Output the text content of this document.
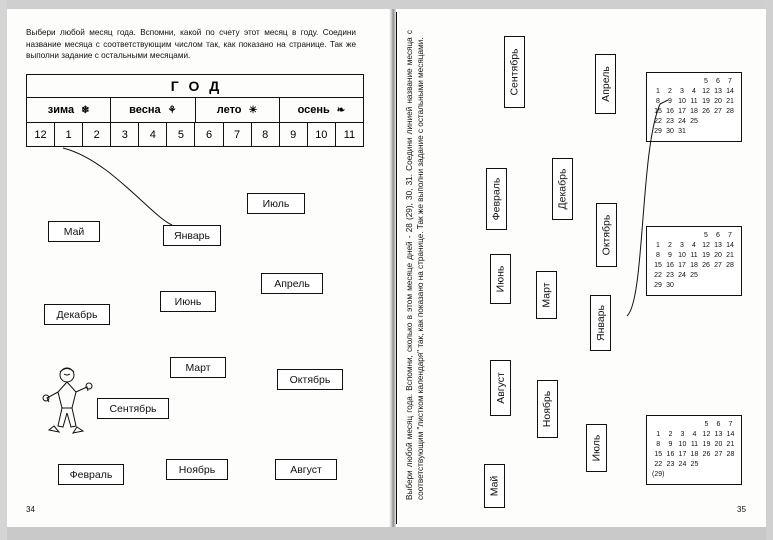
Выбери любой месяц года. Вспомни, какой по счету этот месяц в году. Соедини название месяца с соответствующим числом так, как показано на странице. Так же выполни задание с остальными месяцами.
ГОД
зима ❄	весна ⚘	лето ☀	осень ❧
12	1	2	3	4	5	6	7	8	9	10	11
Июль
Май	Январь
Апрель
Июнь
Декабрь
Март
Октябрь
Сентябрь
Февраль	Ноябрь	Август
34
Выбери любой месяц года. Вспомни, сколько в этом месяце дней - 28 (29), 30, 31. Соедини линией название месяца с соответствующим "листком календаря" так, как показано на странице. Так же выполни задание с остальными месяцами.	Сентябрь	Апрель
Февраль	Декабрь
Октябрь
Июнь
Март
Январь
Август
Ноябрь
Июль
Май
				5	6	7
1	2	3	4	12	13	14
8	9	10	11	19	20	21
15	16	17	18	26	27	28
22	23	24	25			
29	30	31				
				5	6	7
1	2	3	4	12	13	14
8	9	10	11	19	20	21
15	16	17	18	26	27	28
22	23	24	25			
29	30					
				5	6	7
1	2	3	4	12	13	14
8	9	10	11	19	20	21
15	16	17	18	26	27	28
22	23	24	25			
(29)						
35
